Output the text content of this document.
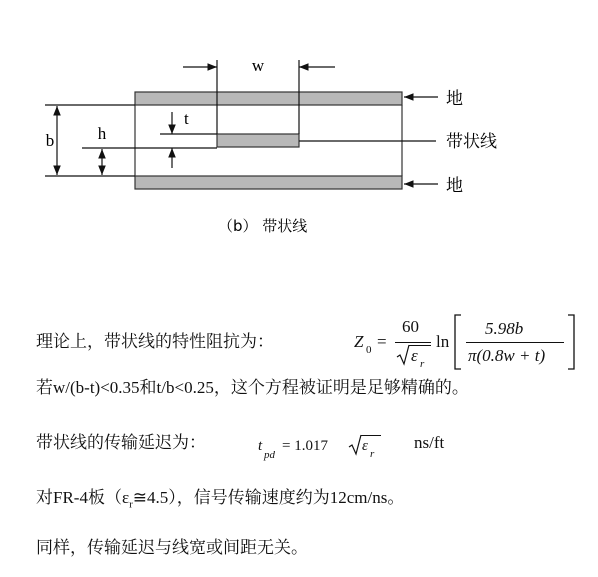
w
b	h
t
地
带状线
地
（b） 带状线
理论上，带状线的特性阻抗为：	Z 0 =
60
ε r
ln
5.98b
π(0.8w + t)
若w/(b-t)<0.35和t/b<0.25，这个方程被证明是足够精确的。
带状线的传输延迟为：	t
pd
= 1.017 ε r
ns/ft
对FR-4板$(\varepsilon_r≅4.5)$，信号传输速度约为12cm/ns。
同样，传输延迟与线宽或间距无关。
